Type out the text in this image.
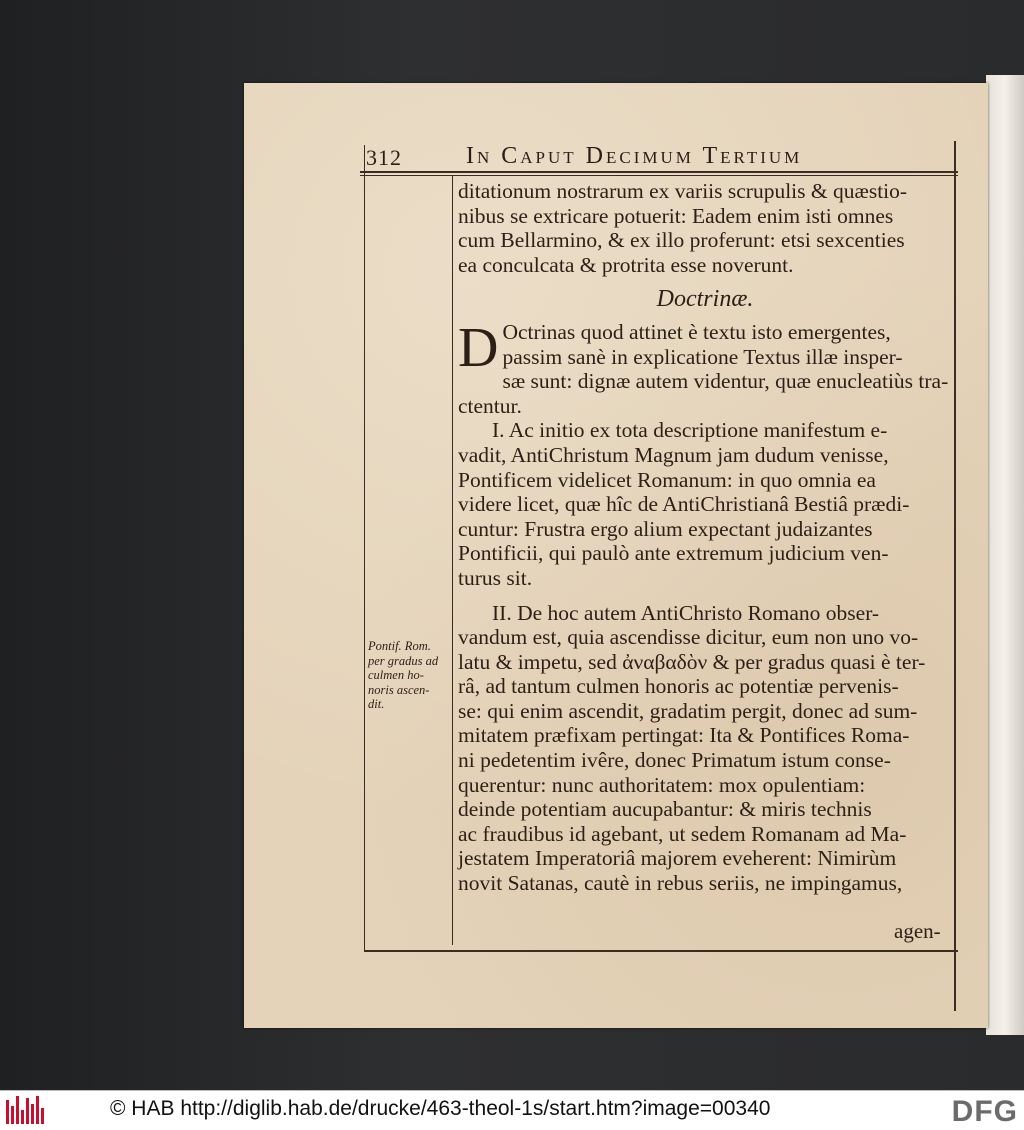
312	In Caput Decimum Tertium

ditationum nostrarum ex variis scrupulis & quæstio-

nibus se extricare potuerit: Eadem enim isti omnes

cum Bellarmino, & ex illo proferunt: etsi sexcenties

ea conculcata & protrita esse noverunt.

Doctrinæ.

D Octrinas quod attinet è textu isto emergentes,

passim sanè in explicatione Textus illæ insper-

sæ sunt: dignæ autem videntur, quæ enucleatiùs tra-

ctentur.

I. Ac initio ex tota descriptione manifestum e-

vadit, AntiChristum Magnum jam dudum venisse,

Pontificem videlicet Romanum: in quo omnia ea

videre licet, quæ hîc de AntiChristianâ Bestiâ prædi-

cuntur: Frustra ergo alium expectant judaizantes

Pontificii, qui paulò ante extremum judicium ven-

turus sit.

II. De hoc autem AntiChristo Romano obser-

vandum est, quia ascendisse dicitur, eum non uno vo-

latu & impetu, sed ἀναβαδὸν & per gradus quasi è ter-

râ, ad tantum culmen honoris ac potentiæ pervenis-

se: qui enim ascendit, gradatim pergit, donec ad sum-

mitatem præfixam pertingat: Ita & Pontifices Roma-

ni pedetentim ivêre, donec Primatum istum conse-

querentur: nunc authoritatem: mox opulentiam:

deinde potentiam aucupabantur: & miris technis

ac fraudibus id agebant, ut sedem Romanam ad Ma-

jestatem Imperatoriâ majorem eveherent: Nimirùm

novit Satanas, cautè in rebus seriis, ne impingamus,

Pontif. Rom.
per gradus ad
culmen ho-
noris ascen-
dit.
agen-
© HAB http://diglib.hab.de/drucke/463-theol-1s/start.htm?image=00340	DFG
